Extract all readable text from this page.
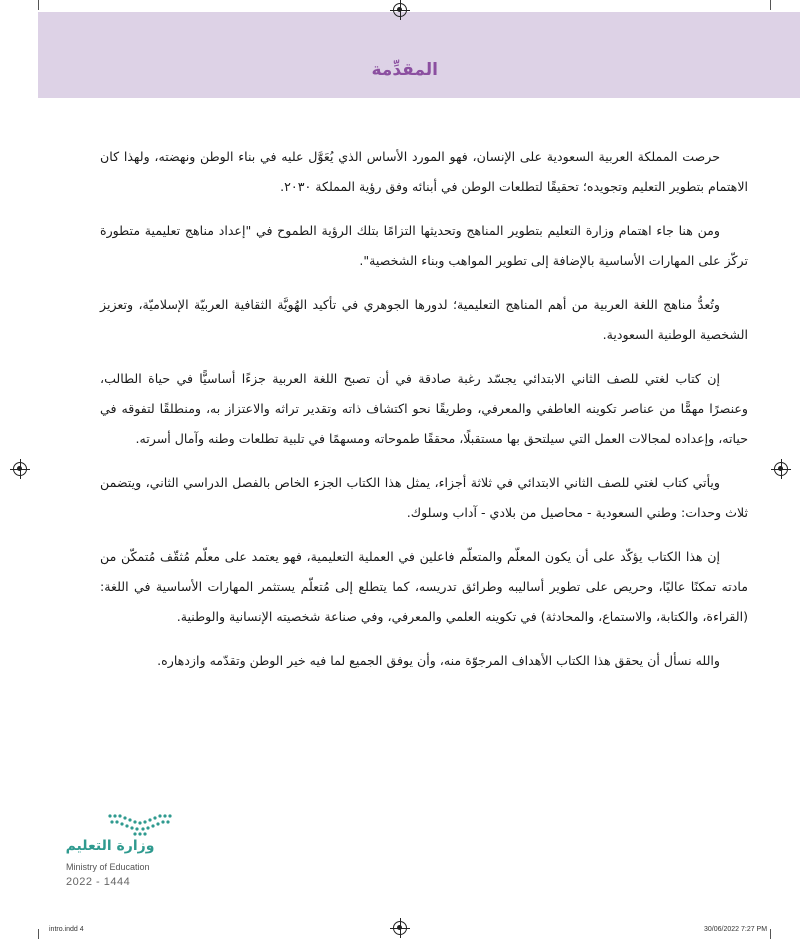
المقدِّمة

حرصت المملكة العربية السعودية على الإنسان، فهو المورد الأساس الذي يُعَوَّل عليه في بناء الوطن ونهضته، ولهذا كان الاهتمام بتطوير التعليم وتجويده؛ تحقيقًا لتطلعات الوطن في أبنائه وفق رؤية المملكة ٢٠٣٠.

ومن هنا جاء اهتمام وزارة التعليم بتطوير المناهج وتحديثها التزامًا بتلك الرؤية الطموح في "إعداد مناهج تعليمية متطورة تركّز على المهارات الأساسية بالإضافة إلى تطوير المواهب وبناء الشخصية".

وتُعدُّ مناهج اللغة العربية من أهم المناهج التعليمية؛ لدورها الجوهري في تأكيد الهُويَّة الثقافية العربيّة الإسلاميّة، وتعزيز الشخصية الوطنية السعودية.

إن كتاب لغتي للصف الثاني الابتدائي يجسّد رغبة صادقة في أن تصبح اللغة العربية جزءًا أساسيًّا في حياة الطالب، وعنصرًا مهمًّا من عناصر تكوينه العاطفي والمعرفي، وطريقًا نحو اكتشاف ذاته وتقدير تراثه والاعتزاز به، ومنطلقًا لتفوقه في حياته، وإعداده لمجالات العمل التي سيلتحق بها مستقبلًا، محققًا طموحاته ومسهمًا في تلبية تطلعات وطنه وآمال أسرته.

ويأتي كتاب لغتي للصف الثاني الابتدائي في ثلاثة أجزاء، يمثل هذا الكتاب الجزء الخاص بالفصل الدراسي الثاني، ويتضمن ثلاث وحدات: وطني السعودية - محاصيل من بلادي - آداب وسلوك.

إن هذا الكتاب يؤكّد على أن يكون المعلّم والمتعلّم فاعلين في العملية التعليمية، فهو يعتمد على معلّم مُثقّف مُتمكّن من مادته تمكنًا عاليًا، وحريص على تطوير أساليبه وطرائق تدريسه، كما يتطلع إلى مُتعلّم يستثمر المهارات الأساسية في اللغة: (القراءة، والكتابة، والاستماع، والمحادثة) في تكوينه العلمي والمعرفي، وفي صناعة شخصيته الإنسانية والوطنية.

والله نسأل أن يحقق هذا الكتاب الأهداف المرجوّة منه، وأن يوفق الجميع لما فيه خير الوطن وتقدّمه وازدهاره.

وزارة التعليم
Ministry of Education
2022 - 1444
intro.indd 4	30/06/2022 7:27 PM
